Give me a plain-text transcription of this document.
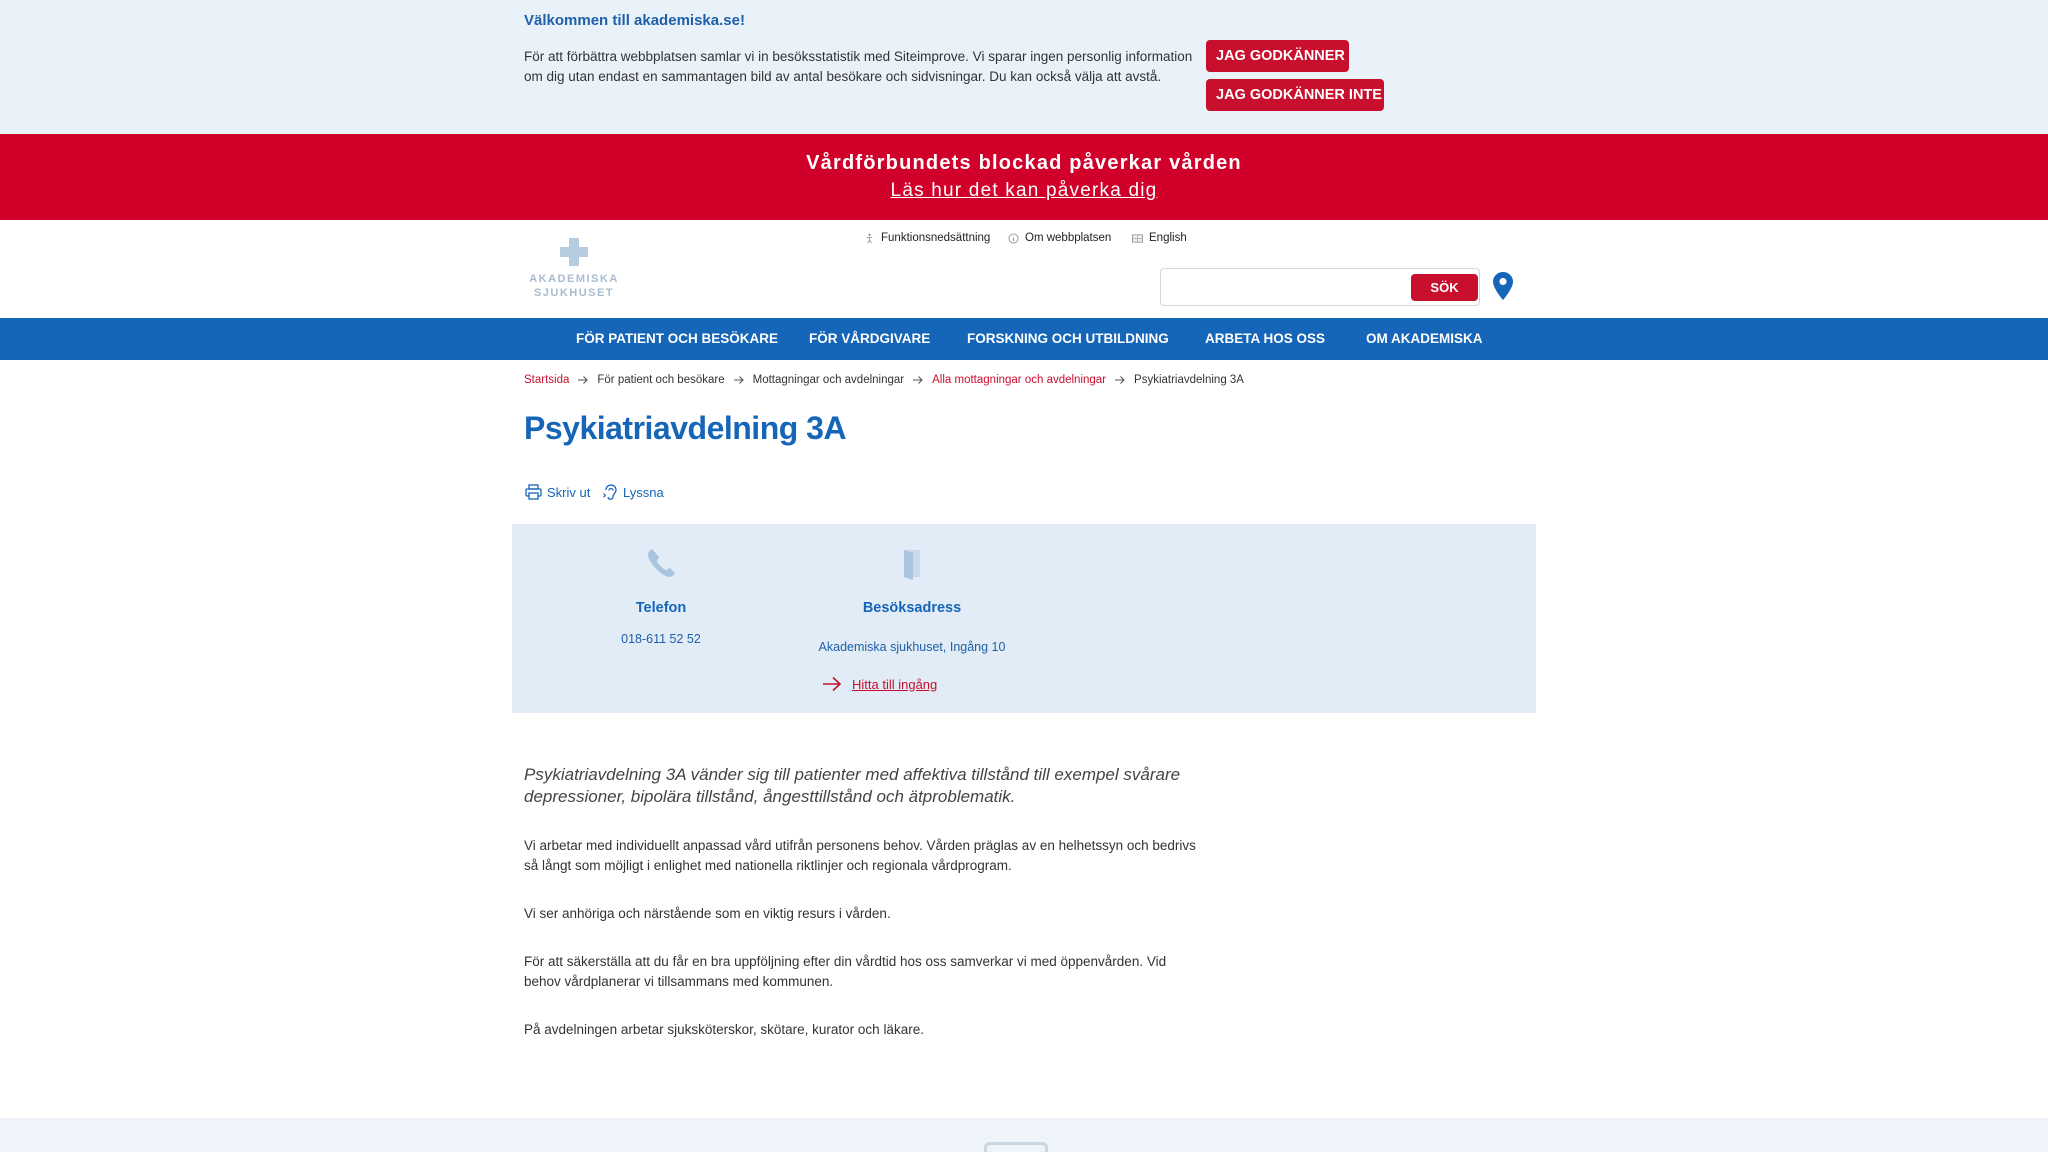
Välkommen till akademiska.se!
För att förbättra webbplatsen samlar vi in besöksstatistik med Siteimprove. Vi sparar ingen personlig information om dig utan endast en sammantagen bild av antal besökare och sidvisningar. Du kan också välja att avstå.
JAG GODKÄNNER
JAG GODKÄNNER INTE
Vårdförbundets blockad påverkar vården
Läs hur det kan påverka dig
AKADEMISKA
SJUKHUSET
Funktionsnedsättning	Om webbplatsen	English
SÖK
FÖR PATIENT OCH BESÖKARE FÖR VÅRDGIVARE	FORSKNING OCH UTBILDNING	ARBETA HOS OSS	OM AKADEMISKA
Startsida För patient och besökare Mottagningar och avdelningar Alla mottagningar och avdelningar Psykiatriavdelning 3A
Psykiatriavdelning 3A
Skriv ut	Lyssna
Telefon
018-611 52 52
Besöksadress
Akademiska sjukhuset, Ingång 10
Hitta till ingång

Psykiatriavdelning 3A vänder sig till patienter med affektiva tillstånd till exempel svårare depressioner, bipolära tillstånd, ångesttillstånd och ätproblematik.

Vi arbetar med individuellt anpassad vård utifrån personens behov. Vården präglas av en helhetssyn och bedrivs så långt som möjligt i enlighet med nationella riktlinjer och regionala vårdprogram.

Vi ser anhöriga och närstående som en viktig resurs i vården.

För att säkerställa att du får en bra uppföljning efter din vårdtid hos oss samverkar vi med öppenvården. Vid behov vårdplanerar vi tillsammans med kommunen.

På avdelningen arbetar sjuksköterskor, skötare, kurator och läkare.
